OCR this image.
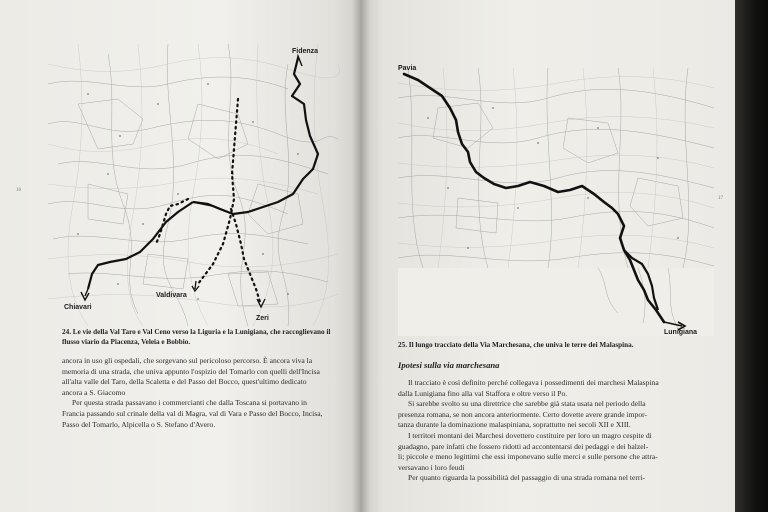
16
Fidenza
Chiavari
Valdivara
Zeri
24. Le vie della Val Taro e Val Ceno verso la Liguria e la Lunigiana, che raccoglievano il
flusso viario da Piacenza, Veleia e Bobbio.
ancora in uso gli ospedali, che sorgevano sul pericoloso percorso. È ancora viva la
memoria di una strada, che univa appunto l'ospizio del Tomarlo con quelli dell'Incisa
all'alta valle del Taro, della Scaletta e del Passo del Bocco, quest'ultimo dedicato
ancora a S. Giacomo
Per questa strada passavano i commercianti che dalla Toscana si portavano in
Francia passando sul crinale della val di Magra, val di Vara e Passo del Bocco, Incisa,
Passo del Tomarlo, Alpicella o S. Stefano d'Avero.
17
Pavia
Lunigiana
25. Il lungo tracciato della Via Marchesana, che univa le terre dei Malaspina.
Ipotesi sulla via marchesana
Il tracciato è così definito perché collegava i possedimenti dei marchesi Malaspina
dalla Lunigiana fino alla val Staffora e oltre verso il Po.
Si sarebbe svolto su una direttrice che sarebbe già stata usata nel periodo della
presenza romana, se non ancora anteriormente. Certo dovette avere grande impor-
tanza durante la dominazione malaspiniana, soprattutto nei secoli XII e XIII.
I territori montani dei Marchesi dovettero costituire per loro un magro cespite di
guadagno, pare infatti che fossero ridotti ad accontentarsi dei pedaggi e dei balzel-
li; piccole e meno legittimi che essi imponevano sulle merci e sulle persone che attra-
versavano i loro feudi
Per quanto riguarda la possibilità del passaggio di una strada romana nel terri-
